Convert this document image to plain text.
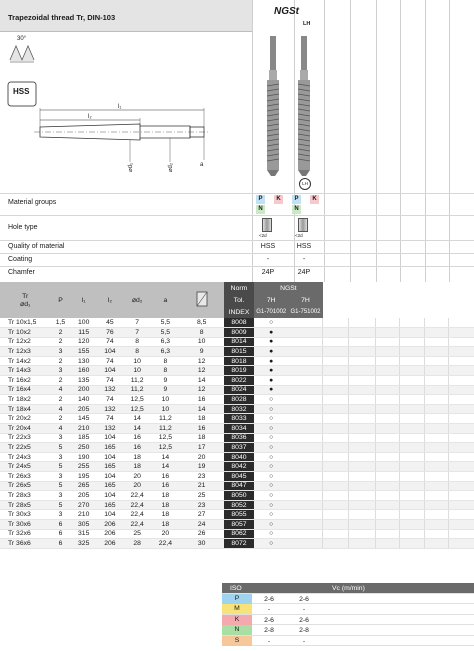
Trapezoidal thread Tr, DIN-103
NGSt
LH
30°
HSS
l₁
l₂
⌀d₁	⌀d₂	a
LH
Material groups	P	K
N
P	K
N
Hole type
<2d	<2d
Quality of material	HSS	HSS
Coating	-	-
Chamfer	24P	24P
Tr
⌀d₁	P	l₁	l₂	⌀d₂	a		Norm	NGSt							
							Tol.	7H	7H						
							INDEX	G1-701002	G1-751002						
Tr 10x1,5	1,5	100	45	7	5,5	8,5	8008	○							
Tr 10x2	2	115	76	7	5,5	8	8009	●							
Tr 12x2	2	120	74	8	6,3	10	8014	●							
Tr 12x3	3	155	104	8	6,3	9	8015	●							
Tr 14x2	2	130	74	10	8	12	8018	●							
Tr 14x3	3	160	104	10	8	12	8019	●							
Tr 16x2	2	135	74	11,2	9	14	8022	●							
Tr 16x4	4	200	132	11,2	9	12	8024	●							
Tr 18x2	2	140	74	12,5	10	16	8028	○							
Tr 18x4	4	205	132	12,5	10	14	8032	○							
Tr 20x2	2	145	74	14	11,2	18	8033	○							
Tr 20x4	4	210	132	14	11,2	16	8034	○							
Tr 22x3	3	185	104	16	12,5	18	8036	○							
Tr 22x5	5	250	165	16	12,5	17	8037	○							
Tr 24x3	3	190	104	18	14	20	8040	○							
Tr 24x5	5	255	165	18	14	19	8042	○							
Tr 26x3	3	195	104	20	16	23	8045	○							
Tr 26x5	5	265	165	20	16	21	8047	○							
Tr 28x3	3	205	104	22,4	18	25	8050	○							
Tr 28x5	5	270	165	22,4	18	23	8052	○							
Tr 30x3	3	210	104	22,4	18	27	8055	○							
Tr 30x6	6	305	206	22,4	18	24	8057	○							
Tr 32x6	6	315	206	25	20	26	8062	○							
Tr 36x6	6	325	206	28	22,4	30	8072	○							
ISO	Vc (m/min)
P	2-6	2-6
M	-	-
K	2-6	2-6
N	2-8	2-8
S	-	-
